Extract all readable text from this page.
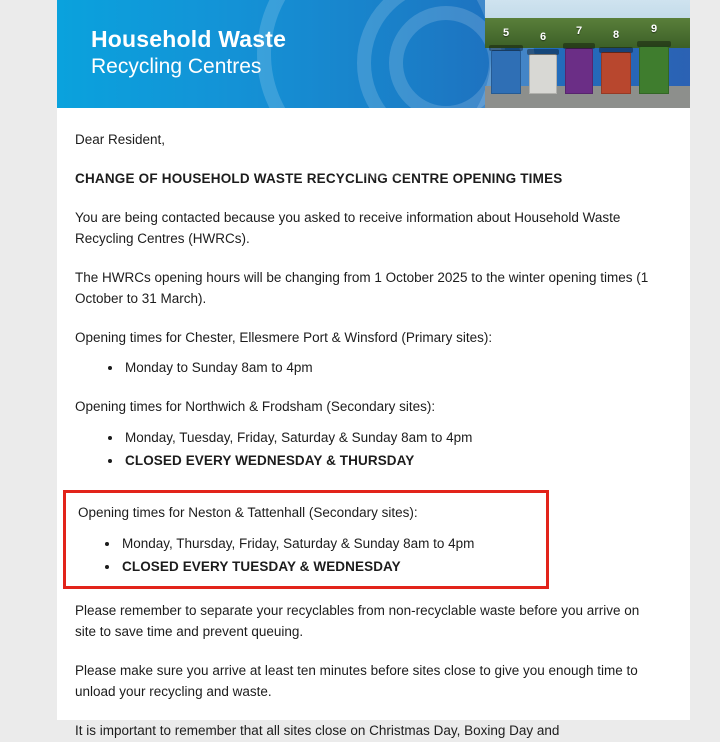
Household Waste
Recycling Centres
5	6	7	8	9

Dear Resident,

CHANGE OF HOUSEHOLD WASTE RECYCLING CENTRE OPENING TIMES

You are being contacted because you asked to receive information about Household Waste Recycling Centres (HWRCs).

The HWRCs opening hours will be changing from 1 October 2025 to the winter opening times (1 October to 31 March).

Opening times for Chester, Ellesmere Port & Winsford (Primary sites):

• Monday to Sunday 8am to 4pm

Opening times for Northwich & Frodsham (Secondary sites):

• Monday, Tuesday, Friday, Saturday & Sunday 8am to 4pm
• CLOSED EVERY WEDNESDAY & THURSDAY

Opening times for Neston & Tattenhall (Secondary sites):

• Monday, Thursday, Friday, Saturday & Sunday 8am to 4pm
• CLOSED EVERY TUESDAY & WEDNESDAY

Please remember to separate your recyclables from non-recyclable waste before you arrive on site to save time and prevent queuing.

Please make sure you arrive at least ten minutes before sites close to give you enough time to unload your recycling and waste.

It is important to remember that all sites close on Christmas Day, Boxing Day and
